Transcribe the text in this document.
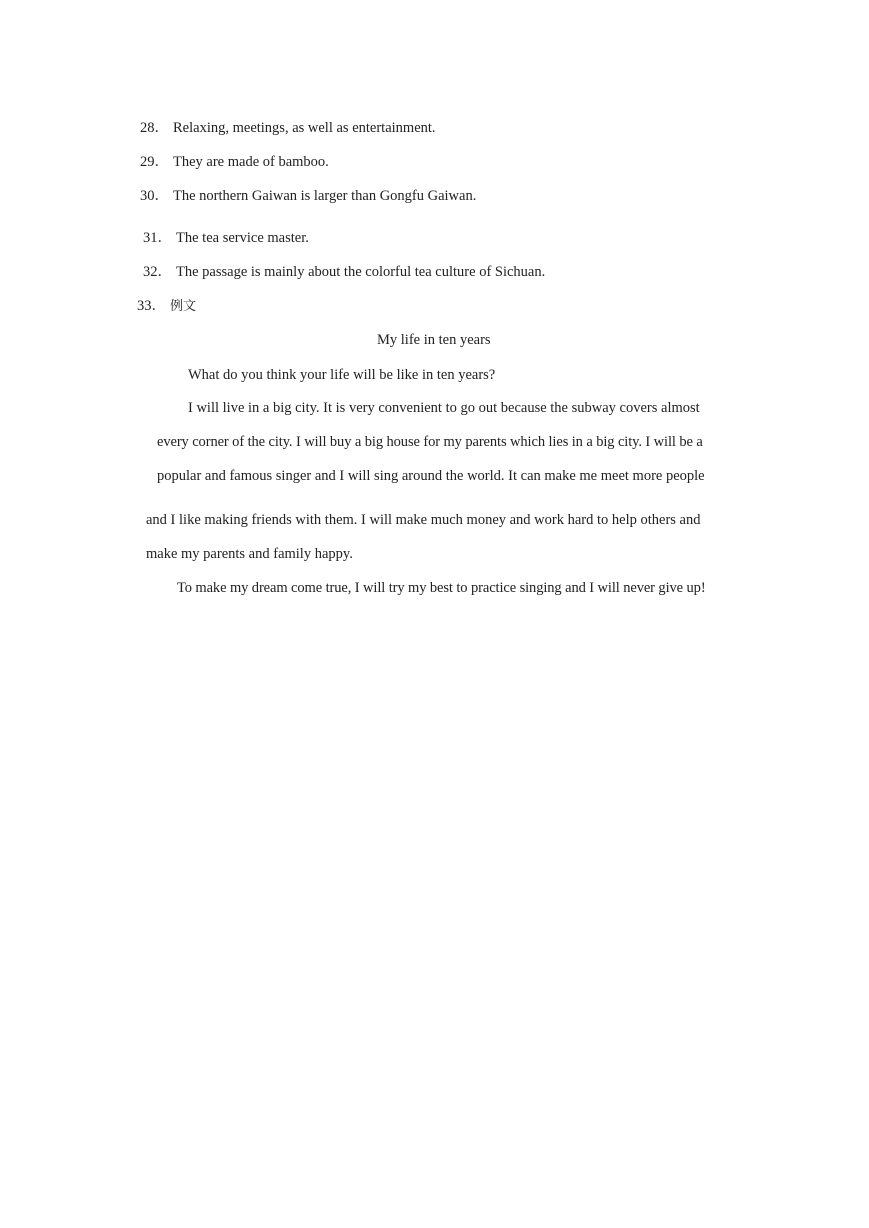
28． Relaxing, meetings, as well as entertainment.
29． They are made of bamboo.
30． The northern Gaiwan is larger than Gongfu Gaiwan.
31． The tea service master.
32． The passage is mainly about the colorful tea culture of Sichuan.
33． 例文
My life in ten years
What do you think your life will be like in ten years?
I will live in a big city. It is very convenient to go out because the subway covers almost
every corner of the city. I will buy a big house for my parents which lies in a big city. I will be a
popular and famous singer and I will sing around the world. It can make me meet more people
and I like making friends with them. I will make much money and work hard to help others and
make my parents and family happy.
To make my dream come true, I will try my best to practice singing and I will never give up!
